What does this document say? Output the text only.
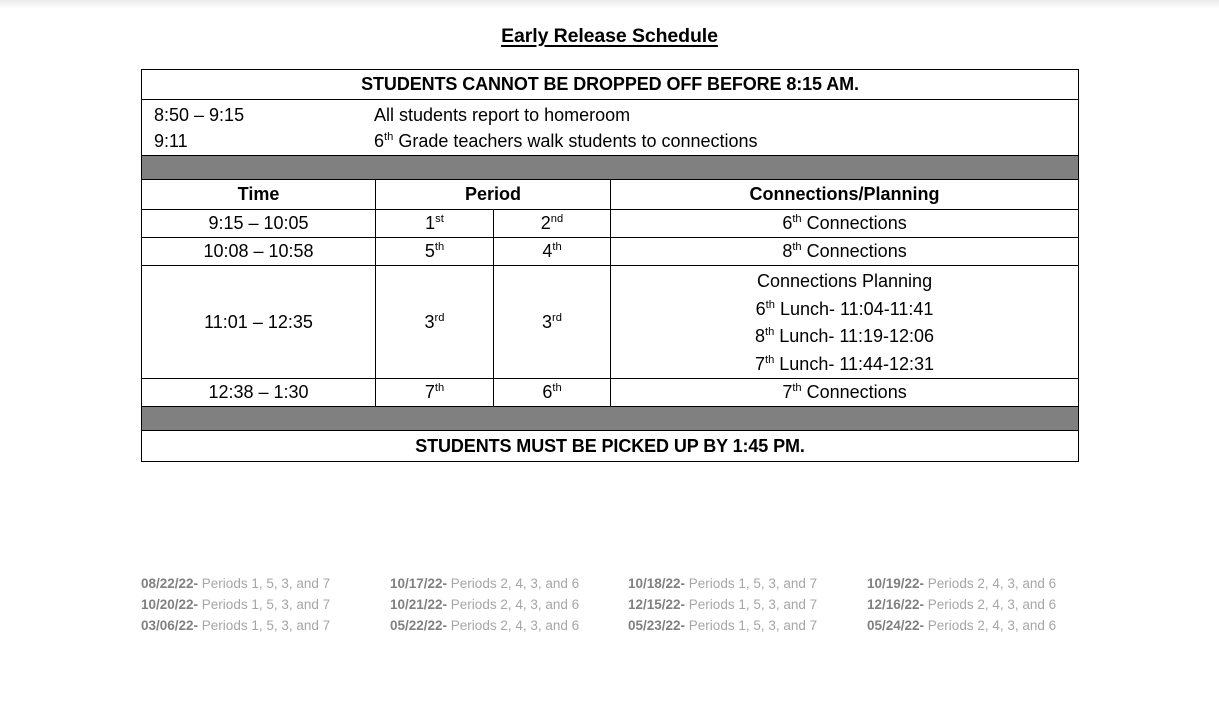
Early Release Schedule
STUDENTS CANNOT BE DROPPED OFF BEFORE 8:15 AM.			

8:50 – 9:15 All students report to homeroom
9:11 6th Grade teachers walk students to connections			

Time	Period		Connections/Planning
9:15 – 10:05	1st	2nd	6th Connections
10:08 – 10:58	5th	4th	8th Connections
11:01 – 12:35	3rd	3rd	Connections Planning
6th Lunch- 11:04-11:41
8th Lunch- 11:19-12:06
7th Lunch- 11:44-12:31

12:38 – 1:30	7th	6th	7th Connections

STUDENTS MUST BE PICKED UP BY 1:45 PM.			
08/22/22- Periods 1, 5, 3, and 7	10/17/22- Periods 2, 4, 3, and 6	10/18/22- Periods 1, 5, 3, and 7	10/19/22- Periods 2, 4, 3, and 6
10/20/22- Periods 1, 5, 3, and 7	10/21/22- Periods 2, 4, 3, and 6	12/15/22- Periods 1, 5, 3, and 7	12/16/22- Periods 2, 4, 3, and 6
03/06/22- Periods 1, 5, 3, and 7	05/22/22- Periods 2, 4, 3, and 6	05/23/22- Periods 1, 5, 3, and 7	05/24/22- Periods 2, 4, 3, and 6
